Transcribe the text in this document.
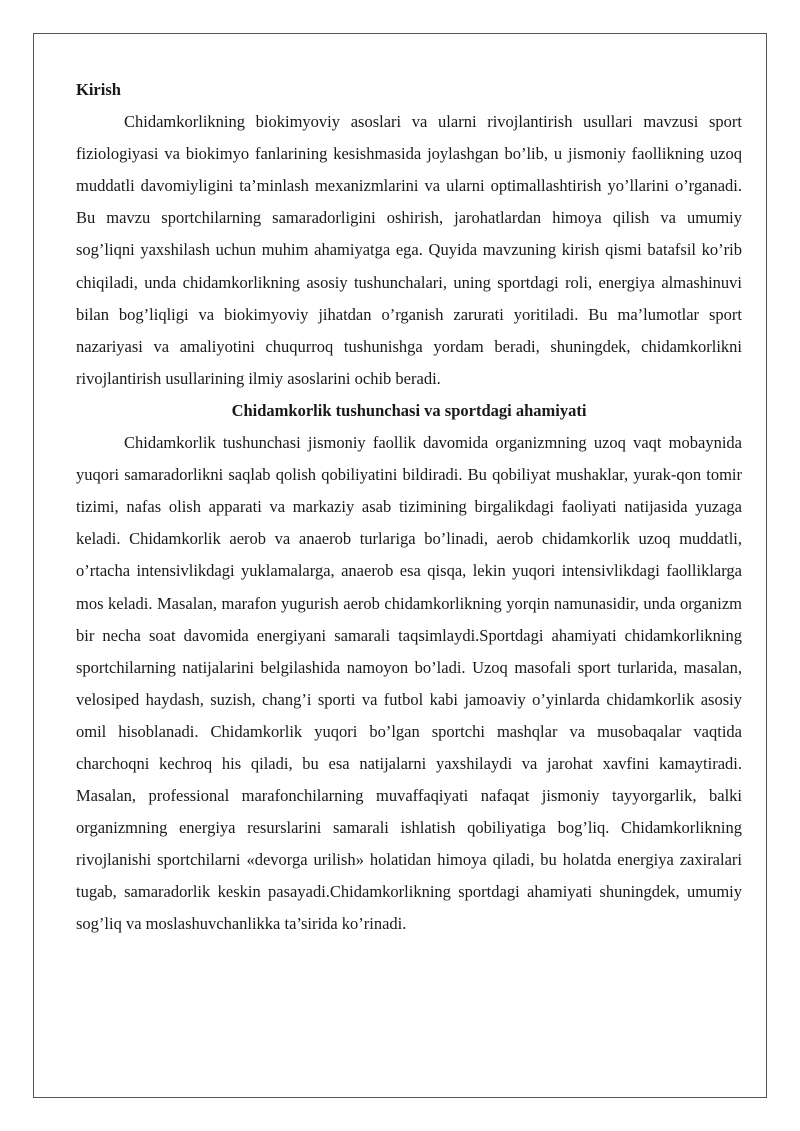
Kirish

Chidamkorlikning biokimyoviy asoslari va ularni rivojlantirish usullari mavzusi sport fiziologiyasi va biokimyo fanlarining kesishmasida joylashgan bo’lib, u jismoniy faollikning uzoq muddatli davomiyligini ta’minlash mexanizmlarini va ularni optimallashtirish yo’llarini o’rganadi. Bu mavzu sportchilarning samaradorligini oshirish, jarohatlardan himoya qilish va umumiy sog’liqni yaxshilash uchun muhim ahamiyatga ega. Quyida mavzuning kirish qismi batafsil ko’rib chiqiladi, unda chidamkorlikning asosiy tushunchalari, uning sportdagi roli, energiya almashinuvi bilan bog’liqligi va biokimyoviy jihatdan o’rganish zarurati yoritiladi. Bu ma’lumotlar sport nazariyasi va amaliyotini chuqurroq tushunishga yordam beradi, shuningdek, chidamkorlikni rivojlantirish usullarining ilmiy asoslarini ochib beradi.

Chidamkorlik tushunchasi va sportdagi ahamiyati

Chidamkorlik tushunchasi jismoniy faollik davomida organizmning uzoq vaqt mobaynida yuqori samaradorlikni saqlab qolish qobiliyatini bildiradi. Bu qobiliyat mushaklar, yurak-qon tomir tizimi, nafas olish apparati va markaziy asab tizimining birgalikdagi faoliyati natijasida yuzaga keladi. Chidamkorlik aerob va anaerob turlariga bo’linadi, aerob chidamkorlik uzoq muddatli, o’rtacha intensivlikdagi yuklamalarga, anaerob esa qisqa, lekin yuqori intensivlikdagi faolliklarga mos keladi. Masalan, marafon yugurish aerob chidamkorlikning yorqin namunasidir, unda organizm bir necha soat davomida energiyani samarali taqsimlaydi.Sportdagi ahamiyati chidamkorlikning sportchilarning natijalarini belgilashida namoyon bo’ladi. Uzoq masofali sport turlarida, masalan, velosiped haydash, suzish, chang’i sporti va futbol kabi jamoaviy o’yinlarda chidamkorlik asosiy omil hisoblanadi. Chidamkorlik yuqori bo’lgan sportchi mashqlar va musobaqalar vaqtida charchoqni kechroq his qiladi, bu esa natijalarni yaxshilaydi va jarohat xavfini kamaytiradi. Masalan, professional marafonchilarning muvaffaqiyati nafaqat jismoniy tayyorgarlik, balki organizmning energiya resurslarini samarali ishlatish qobiliyatiga bog’liq. Chidamkorlikning rivojlanishi sportchilarni «devorga urilish» holatidan himoya qiladi, bu holatda energiya zaxiralari tugab, samaradorlik keskin pasayadi.Chidamkorlikning sportdagi ahamiyati shuningdek, umumiy sog’liq va moslashuvchanlikka ta’sirida ko’rinadi.
